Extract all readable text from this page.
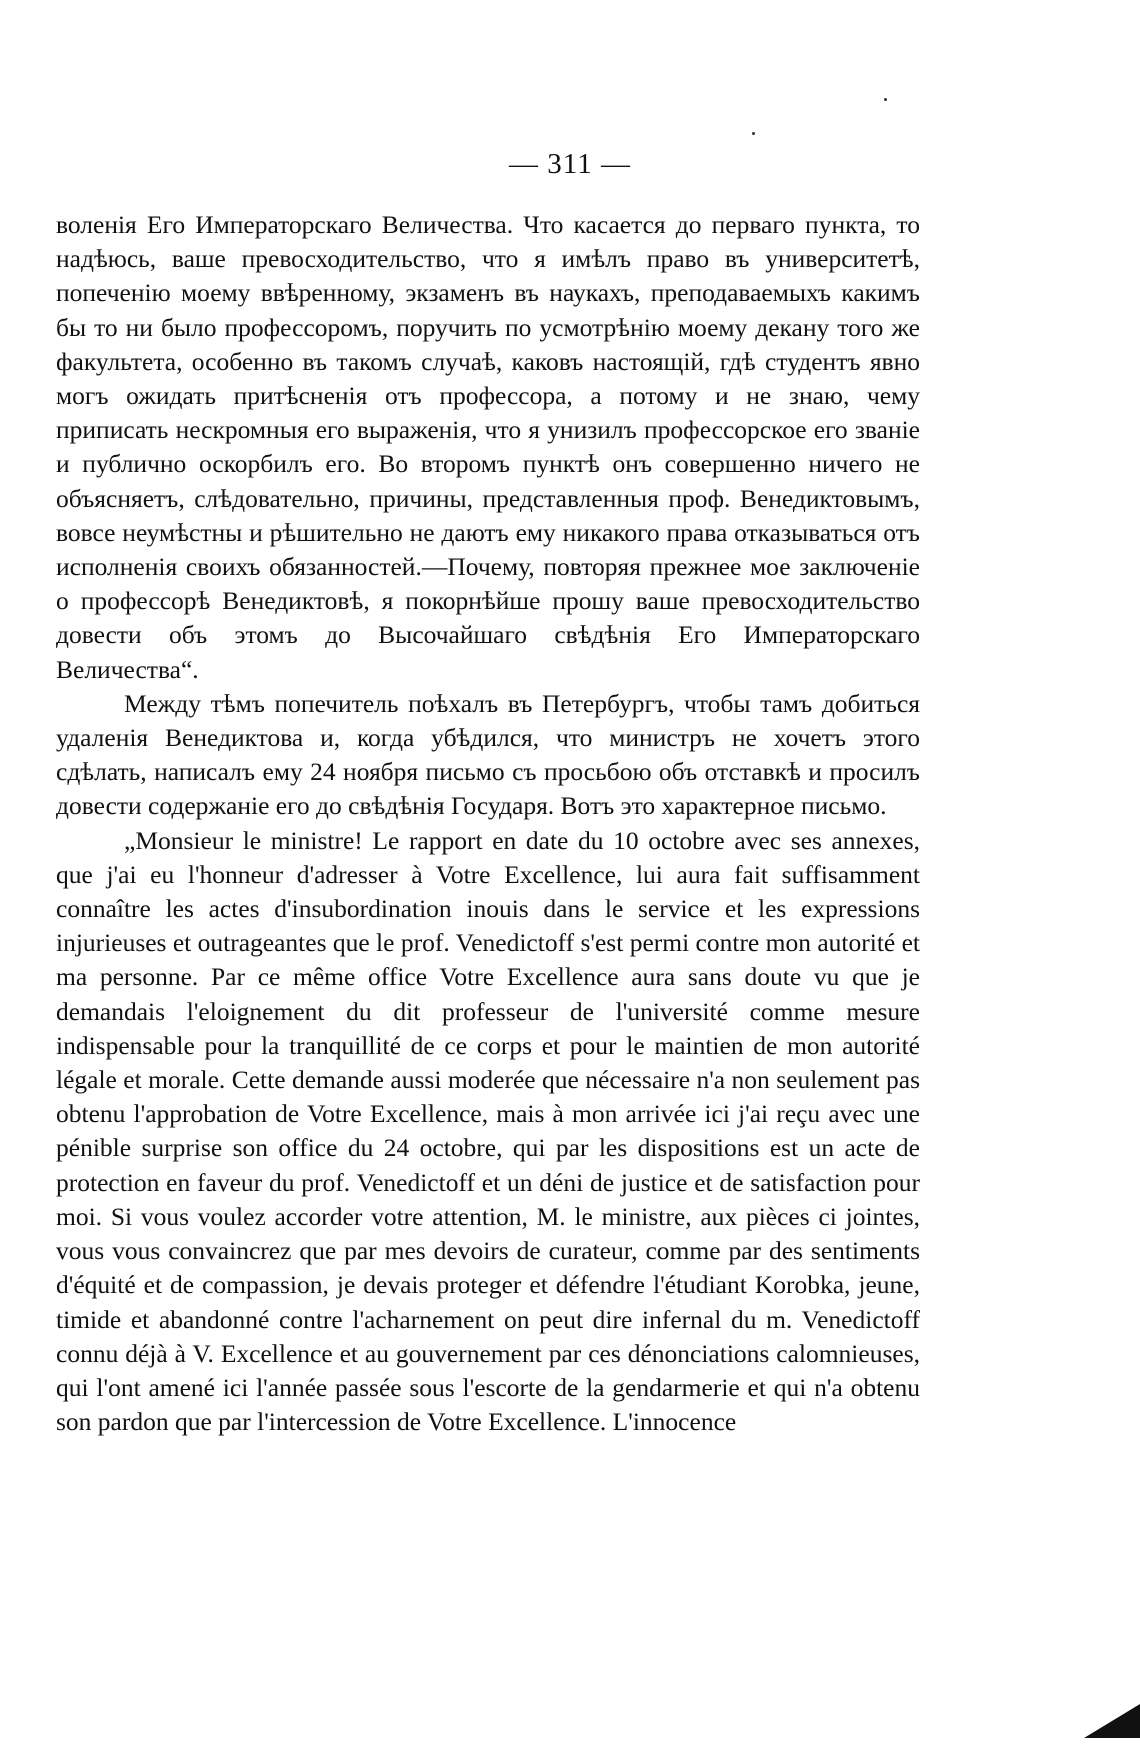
— 311 —

воленія Его Императорскаго Величества. Что касается до перваго пункта, то надѣюсь, ваше превосходительство, что я имѣлъ право въ университетѣ, попеченію моему ввѣренному, экзаменъ въ наукахъ, преподаваемыхъ какимъ бы то ни было профессоромъ, поручить по усмотрѣнію моему декану того же факультета, особенно въ такомъ случаѣ, каковъ настоящій, гдѣ студентъ явно могъ ожидать притѣсненія отъ профессора, а потому и не знаю, чему приписать нескромныя его выраженія, что я унизилъ профессорское его званіе и публично оскорбилъ его. Во второмъ пунктѣ онъ совершенно ничего не объясняетъ, слѣдовательно, причины, представленныя проф. Венедиктовымъ, вовсе неумѣстны и рѣшительно не даютъ ему никакого права отказываться отъ исполненія своихъ обязанностей.—Почему, повторяя прежнее мое заключеніе о профессорѣ Венедиктовѣ, я покорнѣйше прошу ваше превосходительство довести объ этомъ до Высочайшаго свѣдѣнія Его Императорскаго Величества“.

Между тѣмъ попечитель поѣхалъ въ Петербургъ, чтобы тамъ добиться удаленія Венедиктова и, когда убѣдился, что министръ не хочетъ этого сдѣлать, написалъ ему 24 ноября письмо съ просьбою объ отставкѣ и просилъ довести содержаніе его до свѣдѣнія Государя. Вотъ это характерное письмо.

„Monsieur le ministre! Le rapport en date du 10 octobre avec ses annexes, que j'ai eu l'honneur d'adresser à Votre Excellence, lui aura fait suffisamment connaître les actes d'insubordination inouis dans le service et les expressions injurieuses et outrageantes que le prof. Venedictoff s'est permi contre mon autorité et ma personne. Par ce même office Votre Excellence aura sans doute vu que je demandais l'eloignement du dit professeur de l'université comme mesure indispensable pour la tranquillité de ce corps et pour le maintien de mon autorité légale et morale. Cette demande aussi moderée que nécessaire n'a non seulement pas obtenu l'approbation de Votre Excellence, mais à mon arrivée ici j'ai reçu avec une pénible surprise son office du 24 octobre, qui par les dispositions est un acte de protection en faveur du prof. Venedictoff et un déni de justice et de satisfaction pour moi. Si vous voulez accorder votre attention, M. le ministre, aux pièces ci jointes, vous vous convaincrez que par mes devoirs de curateur, comme par des sentiments d'équité et de compassion, je devais proteger et défendre l'étudiant Korobka, jeune, timide et abandonné contre l'acharnement on peut dire infernal du m. Venedictoff connu déjà à V. Excellence et au gouvernement par ces dénonciations calomnieuses, qui l'ont amené ici l'année passée sous l'escorte de la gendarmerie et qui n'a obtenu son pardon que par l'intercession de Votre Excellence. L'innocence
